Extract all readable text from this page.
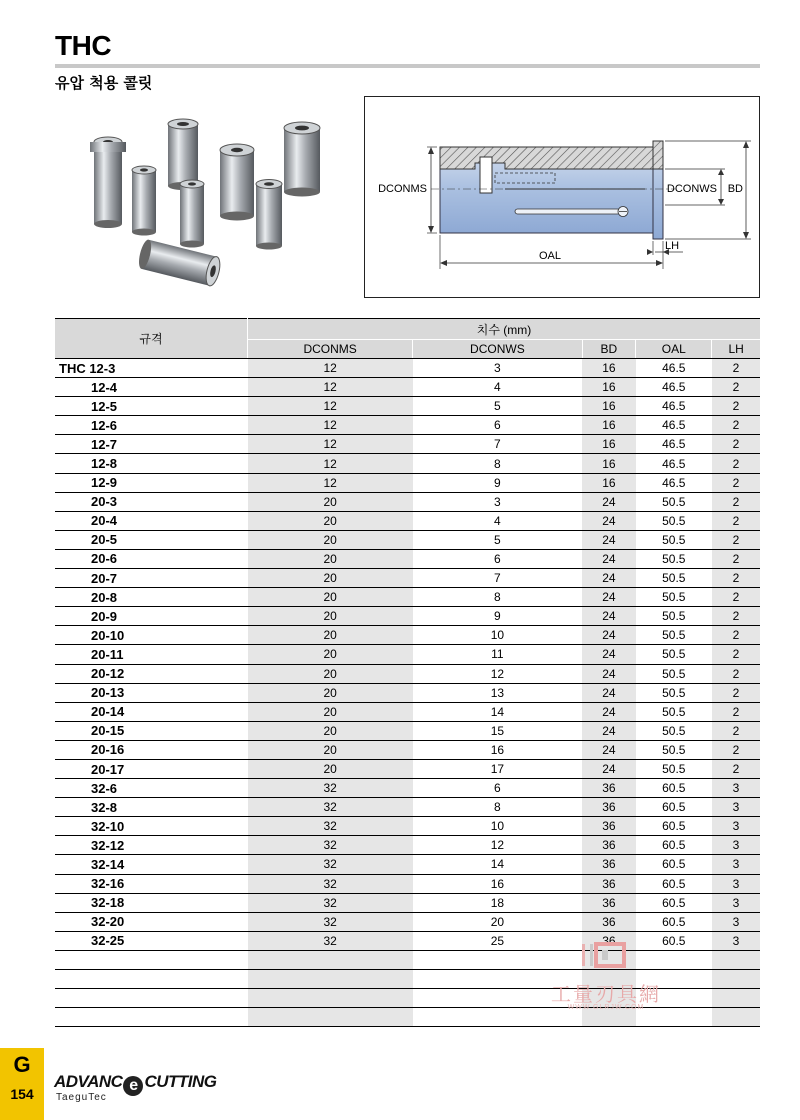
THC
유압 척용 콜릿
DCONMS	DCONWS BD
OAL
LH
규격	치수 (mm)				
	DCONMS	DCONWS	BD	OAL	LH
THC 12-3	12	3	16	46.5	2
12-4	12	4	16	46.5	2
12-5	12	5	16	46.5	2
12-6	12	6	16	46.5	2
12-7	12	7	16	46.5	2
12-8	12	8	16	46.5	2
12-9	12	9	16	46.5	2
20-3	20	3	24	50.5	2
20-4	20	4	24	50.5	2
20-5	20	5	24	50.5	2
20-6	20	6	24	50.5	2
20-7	20	7	24	50.5	2
20-8	20	8	24	50.5	2
20-9	20	9	24	50.5	2
20-10	20	10	24	50.5	2
20-11	20	11	24	50.5	2
20-12	20	12	24	50.5	2
20-13	20	13	24	50.5	2
20-14	20	14	24	50.5	2
20-15	20	15	24	50.5	2
20-16	20	16	24	50.5	2
20-17	20	17	24	50.5	2
32-6	32	6	36	60.5	3
32-8	32	8	36	60.5	3
32-10	32	10	36	60.5	3
32-12	32	12	36	60.5	3
32-14	32	14	36	60.5	3
32-16	32	16	36	60.5	3
32-18	32	18	36	60.5	3
32-20	32	20	36	60.5	3
32-25	32	25	36	60.5	3

工量刃具網
WWW.GLRJW.COM
G
154
ADVANC e CUTTING
TaeguTec
